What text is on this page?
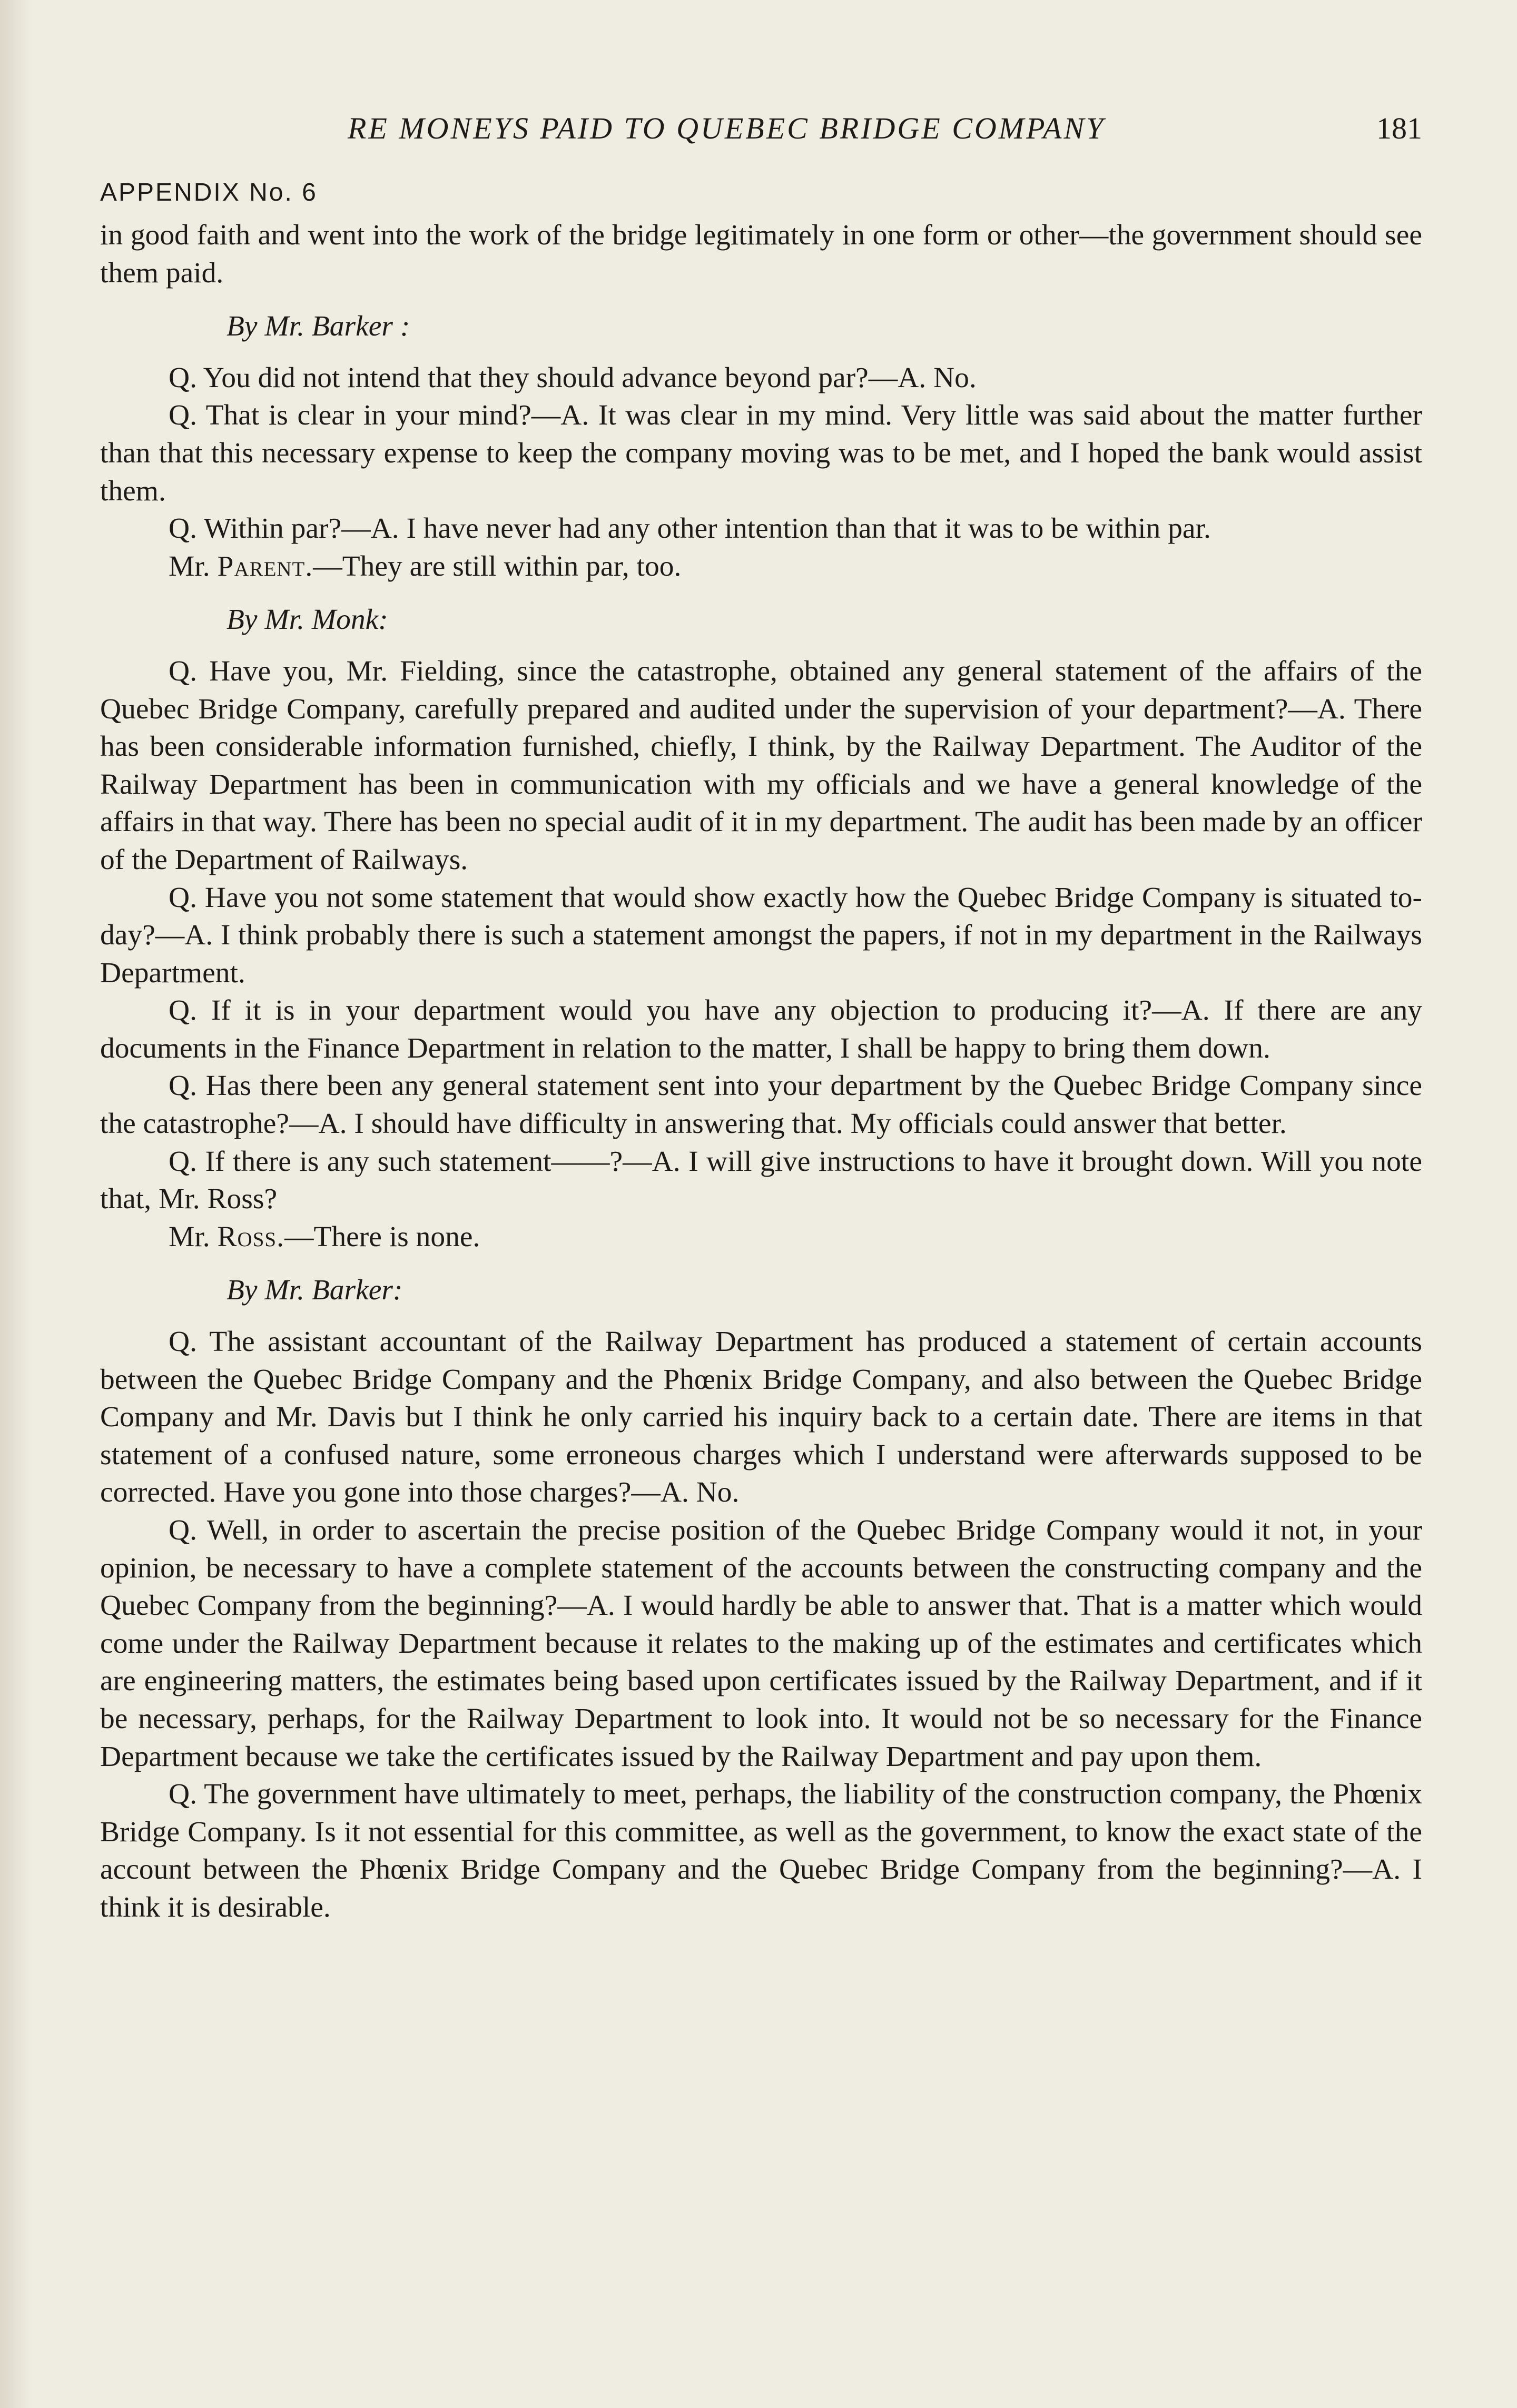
RE MONEYS PAID TO QUEBEC BRIDGE COMPANY	181
APPENDIX No. 6

in good faith and went into the work of the bridge legitimately in one form or other—the government should see them paid.

By Mr. Barker :

Q. You did not intend that they should advance beyond par?—A. No.

Q. That is clear in your mind?—A. It was clear in my mind. Very little was said about the matter further than that this necessary expense to keep the company moving was to be met, and I hoped the bank would assist them.

Q. Within par?—A. I have never had any other intention than that it was to be within par.

Mr. Parent.—They are still within par, too.

By Mr. Monk:

Q. Have you, Mr. Fielding, since the catastrophe, obtained any general statement of the affairs of the Quebec Bridge Company, carefully prepared and audited under the supervision of your department?—A. There has been considerable information furnished, chiefly, I think, by the Railway Department. The Auditor of the Railway Department has been in communication with my officials and we have a general knowledge of the affairs in that way. There has been no special audit of it in my department. The audit has been made by an officer of the Department of Railways.

Q. Have you not some statement that would show exactly how the Quebec Bridge Company is situated to-day?—A. I think probably there is such a statement amongst the papers, if not in my department in the Railways Department.

Q. If it is in your department would you have any objection to producing it?—A. If there are any documents in the Finance Department in relation to the matter, I shall be happy to bring them down.

Q. Has there been any general statement sent into your department by the Quebec Bridge Company since the catastrophe?—A. I should have difficulty in answering that. My officials could answer that better.

Q. If there is any such statement——?—A. I will give instructions to have it brought down. Will you note that, Mr. Ross?

Mr. Ross.—There is none.

By Mr. Barker:

Q. The assistant accountant of the Railway Department has produced a statement of certain accounts between the Quebec Bridge Company and the Phœnix Bridge Company, and also between the Quebec Bridge Company and Mr. Davis but I think he only carried his inquiry back to a certain date. There are items in that statement of a confused nature, some erroneous charges which I understand were afterwards supposed to be corrected. Have you gone into those charges?—A. No.

Q. Well, in order to ascertain the precise position of the Quebec Bridge Company would it not, in your opinion, be necessary to have a complete statement of the accounts between the constructing company and the Quebec Company from the beginning?—A. I would hardly be able to answer that. That is a matter which would come under the Railway Department because it relates to the making up of the estimates and certificates which are engineering matters, the estimates being based upon certificates issued by the Railway Department, and if it be necessary, perhaps, for the Railway Department to look into. It would not be so necessary for the Finance Department because we take the certificates issued by the Railway Department and pay upon them.

Q. The government have ultimately to meet, perhaps, the liability of the construction company, the Phœnix Bridge Company. Is it not essential for this committee, as well as the government, to know the exact state of the account between the Phœnix Bridge Company and the Quebec Bridge Company from the beginning?—A. I think it is desirable.
